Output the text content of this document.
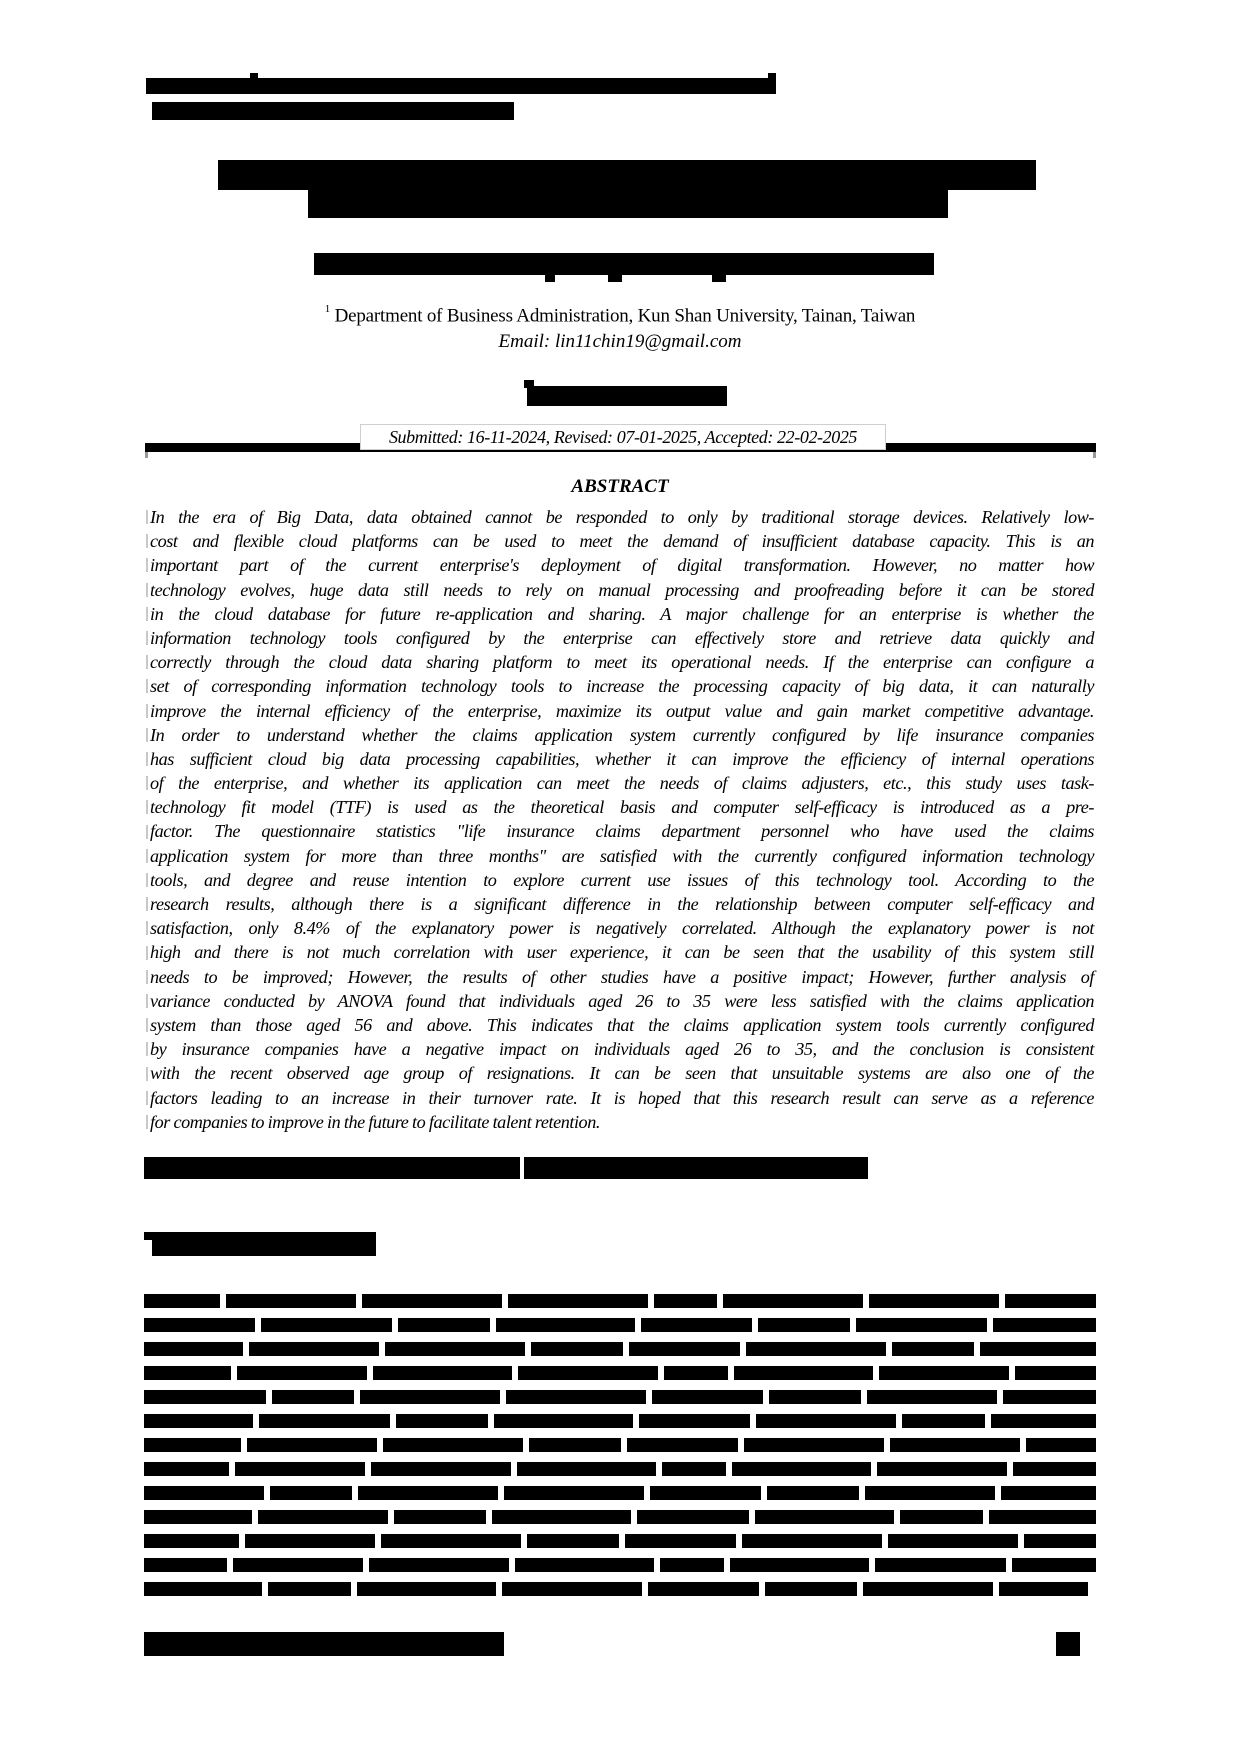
$^1$ Department of Business Administration, Kun Shan University, Tainan, Taiwan
Email: lin11chin19@gmail.com
Submitted: 16-11-2024, Revised: 07-01-2025, Accepted: 22-02-2025
ABSTRACT
In the era of Big Data, data obtained cannot be responded to only by traditional storage devices. Relatively low-
cost and flexible cloud platforms can be used to meet the demand of insufficient database capacity. This is an
important part of the current enterprise's deployment of digital transformation. However, no matter how
technology evolves, huge data still needs to rely on manual processing and proofreading before it can be stored
in the cloud database for future re-application and sharing. A major challenge for an enterprise is whether the
information technology tools configured by the enterprise can effectively store and retrieve data quickly and
correctly through the cloud data sharing platform to meet its operational needs. If the enterprise can configure a
set of corresponding information technology tools to increase the processing capacity of big data, it can naturally
improve the internal efficiency of the enterprise, maximize its output value and gain market competitive advantage.
In order to understand whether the claims application system currently configured by life insurance companies
has sufficient cloud big data processing capabilities, whether it can improve the efficiency of internal operations
of the enterprise, and whether its application can meet the needs of claims adjusters, etc., this study uses task-
technology fit model (TTF) is used as the theoretical basis and computer self-efficacy is introduced as a pre-
factor. The questionnaire statistics "life insurance claims department personnel who have used the claims
application system for more than three months" are satisfied with the currently configured information technology
tools, and degree and reuse intention to explore current use issues of this technology tool. According to the
research results, although there is a significant difference in the relationship between computer self-efficacy and
satisfaction, only 8.4% of the explanatory power is negatively correlated. Although the explanatory power is not
high and there is not much correlation with user experience, it can be seen that the usability of this system still
needs to be improved; However, the results of other studies have a positive impact; However, further analysis of
variance conducted by ANOVA found that individuals aged 26 to 35 were less satisfied with the claims application
system than those aged 56 and above. This indicates that the claims application system tools currently configured
by insurance companies have a negative impact on individuals aged 26 to 35, and the conclusion is consistent
with the recent observed age group of resignations. It can be seen that unsuitable systems are also one of the
factors leading to an increase in their turnover rate. It is hoped that this research result can serve as a reference
for companies to improve in the future to facilitate talent retention.
